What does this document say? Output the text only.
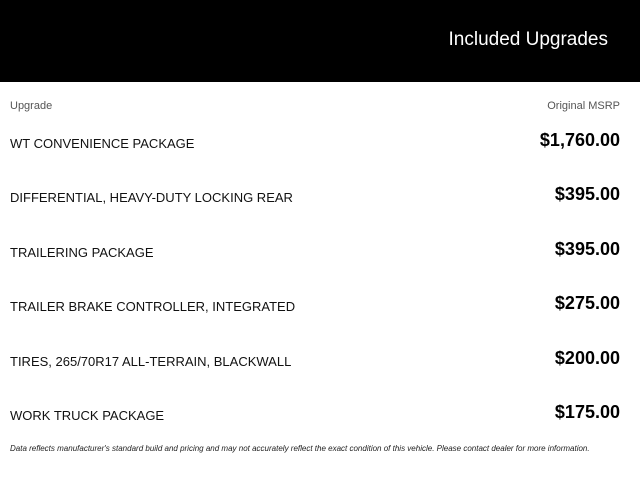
Included Upgrades
Upgrade	Original MSRP
WT CONVENIENCE PACKAGE	$1,760.00
DIFFERENTIAL, HEAVY-DUTY LOCKING REAR	$395.00
TRAILERING PACKAGE	$395.00
TRAILER BRAKE CONTROLLER, INTEGRATED	$275.00
TIRES, 265/70R17 ALL-TERRAIN, BLACKWALL	$200.00
WORK TRUCK PACKAGE	$175.00
Data reflects manufacturer's standard build and pricing and may not accurately reflect the exact condition of this vehicle. Please contact dealer for more information.
